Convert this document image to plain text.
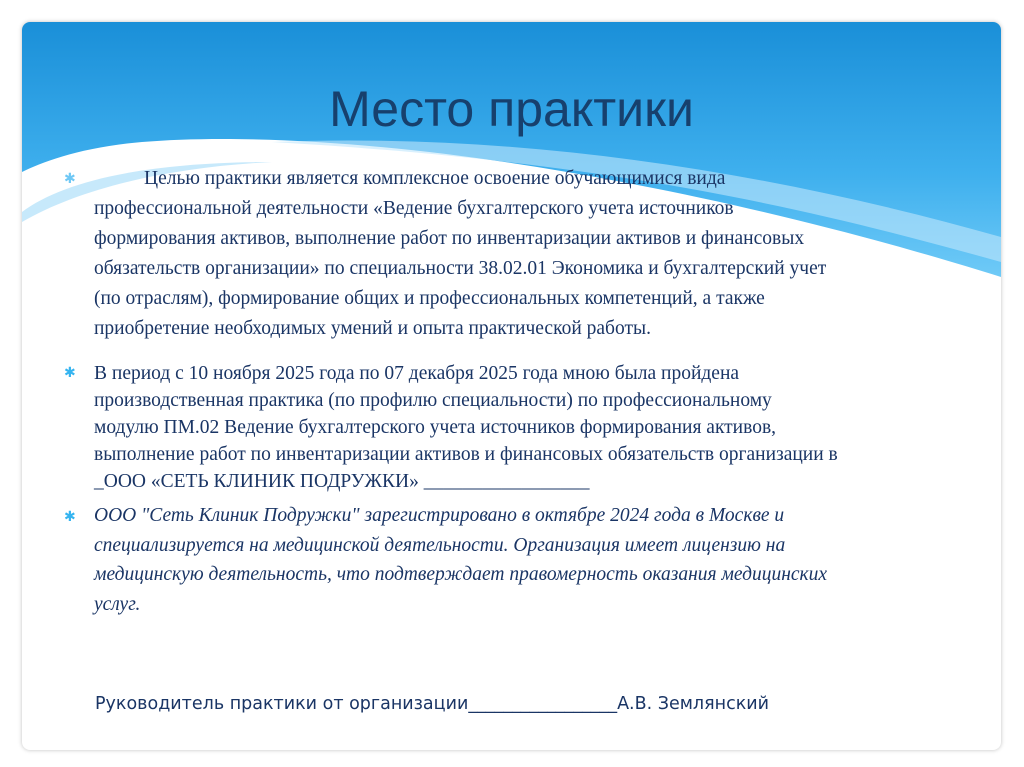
Место практики
✱	Целью практики является комплексное освоение обучающимися вида
профессиональной деятельности «Ведение бухгалтерского учета источников
формирования активов, выполнение работ по инвентаризации активов и финансовых
обязательств организации» по специальности 38.02.01 Экономика и бухгалтерский учет
(по отраслям), формирование общих и профессиональных компетенций, а также
приобретение необходимых умений и опыта практической работы.
✱ В период с 10 ноября 2025 года по 07 декабря 2025 года мною была пройдена
производственная практика (по профилю специальности) по профессиональному
модулю ПМ.02 Ведение бухгалтерского учета источников формирования активов,
выполнение работ по инвентаризации активов и финансовых обязательств организации в
_ООО «СЕТЬ КЛИНИК ПОДРУЖКИ» _________________
✱ ООО "Сеть Клиник Подружки" зарегистрировано в октябре 2024 года в Москве и
специализируется на медицинской деятельности. Организация имеет лицензию на
медицинскую деятельность, что подтверждает правомерность оказания медицинских
услуг.
Руководитель практики от организации_________________А.В. Землянский
